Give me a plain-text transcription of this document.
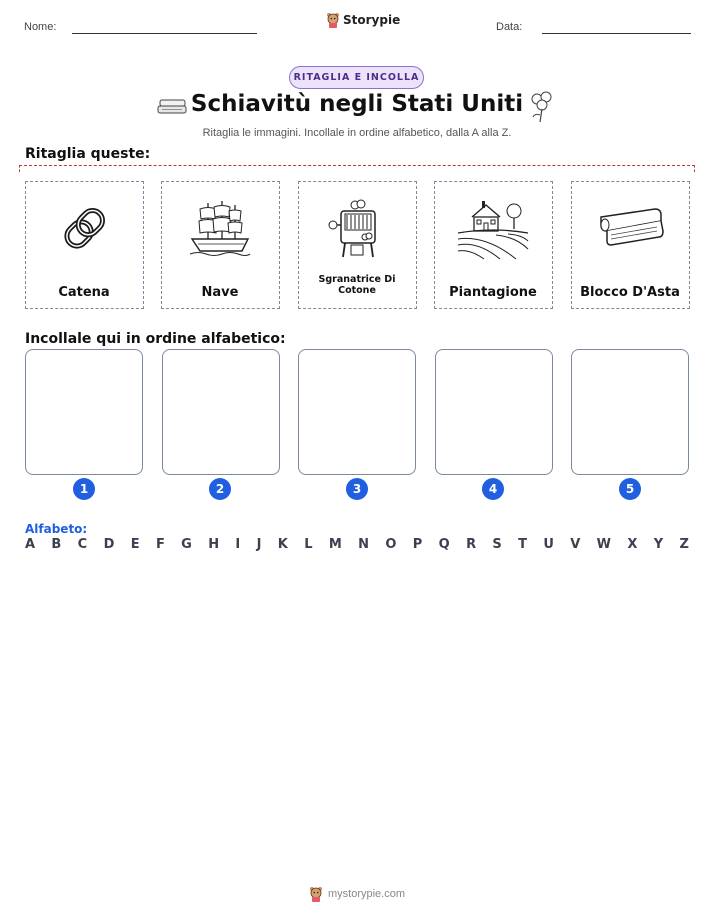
Nome:	Storypie	Data:
RITAGLIA E INCOLLA
Schiavitù negli Stati Uniti
Ritaglia le immagini. Incollale in ordine alfabetico, dalla A alla Z.
Ritaglia queste:
Catena	Nave
Sgranatrice Di Cotone	Piantagione	Blocco D'Asta
Incollale qui in ordine alfabetico:
1	2	3	4	5
Alfabeto:
A B C D E F G H I J K L M N O P Q R S T U V W X Y Z
mystorypie.com
